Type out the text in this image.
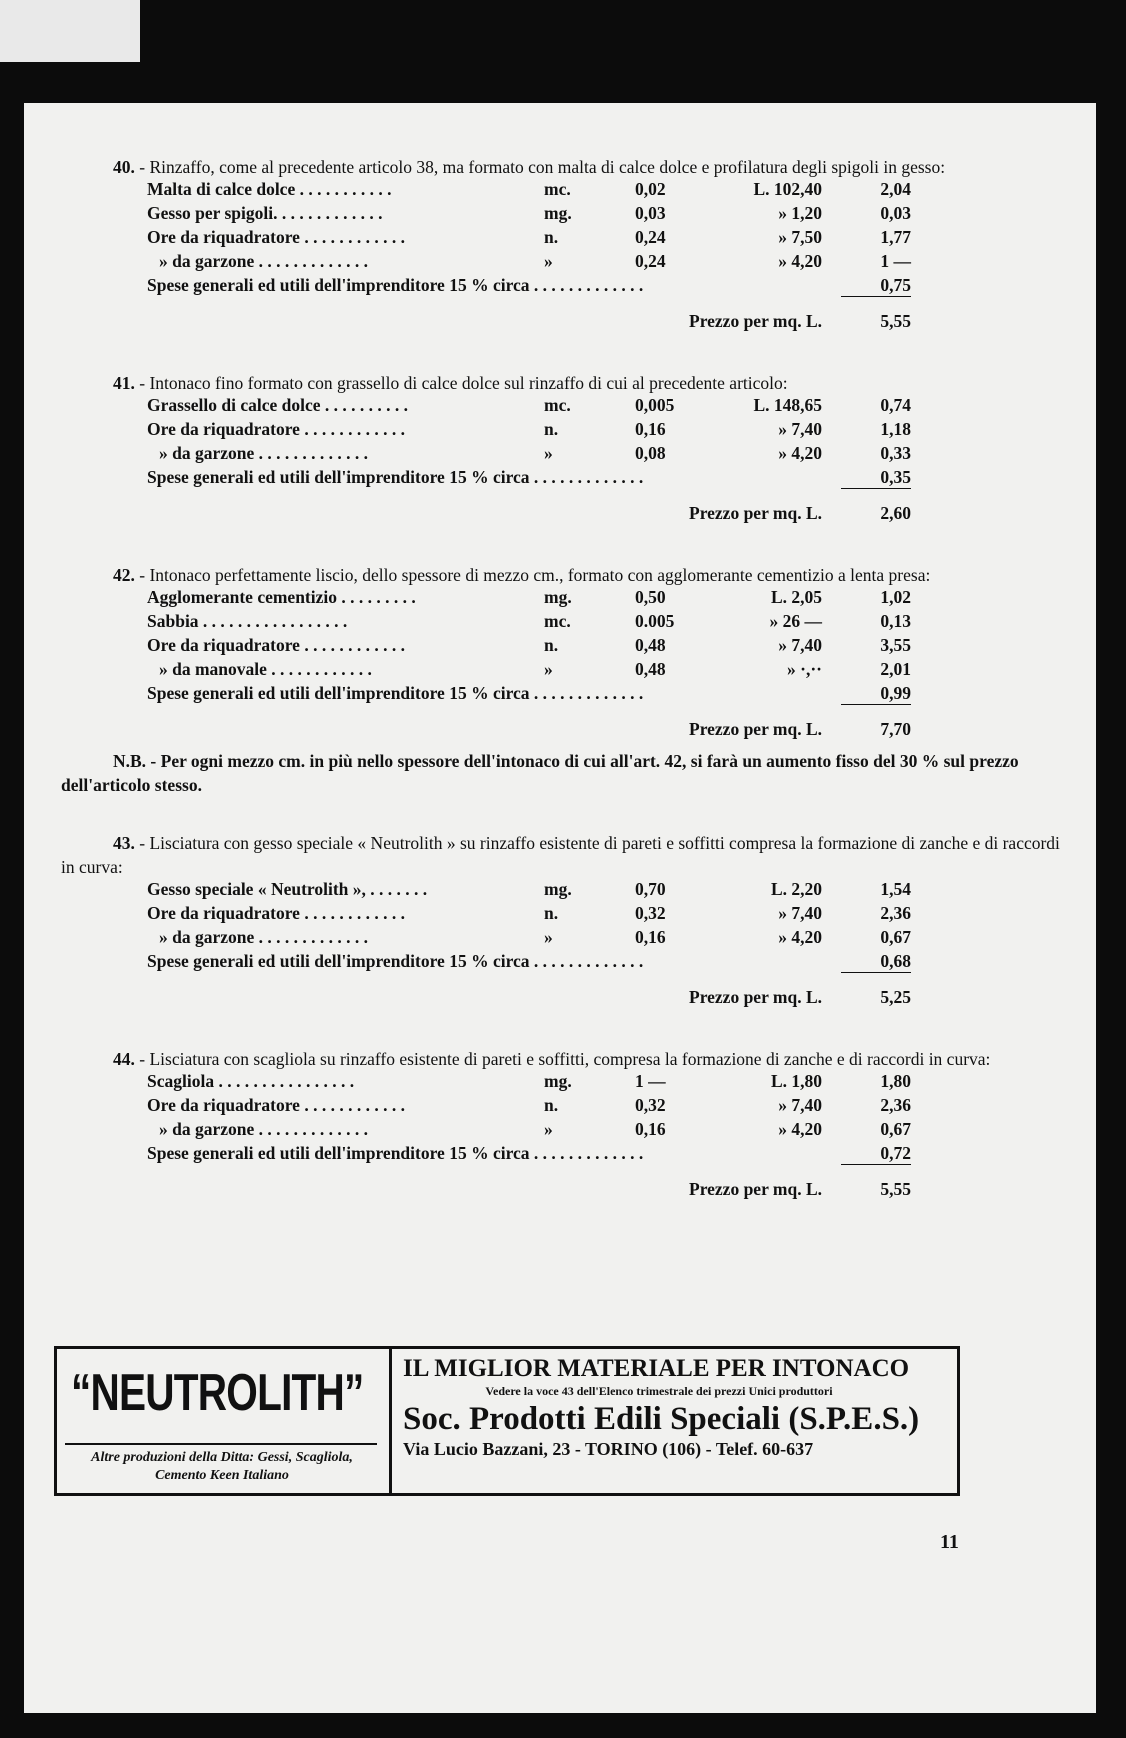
40. - Rinzaffo, come al precedente articolo 38, ma formato con malta di calce dolce e profilatura degli spigoli in gesso:

Malta di calce dolce . . . . . . . . . . .	mc.	0,02	L. 102,40	2,04
Gesso per spigoli. . . . . . . . . . . . .	mg.	0,03	» 1,20	0,03
Ore da riquadratore . . . . . . . . . . . .	n.	0,24	» 7,50	1,77
» da garzone . . . . . . . . . . . . .	»	0,24	» 4,20	1 —
Spese generali ed utili dell'imprenditore 15 % circa . . . . . . . . . . . . .	0,75
Prezzo per mq. L.	5,55

41. - Intonaco fino formato con grassello di calce dolce sul rinzaffo di cui al precedente articolo:

Grassello di calce dolce . . . . . . . . . .	mc.	0,005	L. 148,65	0,74
Ore da riquadratore . . . . . . . . . . . .	n.	0,16	» 7,40	1,18
» da garzone . . . . . . . . . . . . .	»	0,08	» 4,20	0,33
Spese generali ed utili dell'imprenditore 15 % circa . . . . . . . . . . . . .	0,35
Prezzo per mq. L.	2,60

42. - Intonaco perfettamente liscio, dello spessore di mezzo cm., formato con agglomerante cementizio a lenta presa:

Agglomerante cementizio . . . . . . . . .	mg.	0,50	L. 2,05	1,02
Sabbia . . . . . . . . . . . . . . . . .	mc.	0.005	» 26 —	0,13
Ore da riquadratore . . . . . . . . . . . .	n.	0,48	» 7,40	3,55
» da manovale . . . . . . . . . . . .	»	0,48	» ·,··	2,01
Spese generali ed utili dell'imprenditore 15 % circa . . . . . . . . . . . . .	0,99
Prezzo per mq. L.	7,70

N.B. - Per ogni mezzo cm. in più nello spessore dell'intonaco di cui all'art. 42, si farà un aumento fisso del 30 % sul prezzo dell'articolo stesso.

43. - Lisciatura con gesso speciale « Neutrolith » su rinzaffo esistente di pareti e soffitti compresa la formazione di zanche e di raccordi in curva:

Gesso speciale « Neutrolith », . . . . . . .	mg.	0,70	L. 2,20	1,54
Ore da riquadratore . . . . . . . . . . . .	n.	0,32	» 7,40	2,36
» da garzone . . . . . . . . . . . . .	»	0,16	» 4,20	0,67
Spese generali ed utili dell'imprenditore 15 % circa . . . . . . . . . . . . .	0,68
Prezzo per mq. L.	5,25

44. - Lisciatura con scagliola su rinzaffo esistente di pareti e soffitti, compresa la formazione di zanche e di raccordi in curva:

Scagliola . . . . . . . . . . . . . . . .	mg.	1 —	L. 1,80	1,80
Ore da riquadratore . . . . . . . . . . . .	n.	0,32	» 7,40	2,36
» da garzone . . . . . . . . . . . . .	»	0,16	» 4,20	0,67
Spese generali ed utili dell'imprenditore 15 % circa . . . . . . . . . . . . .	0,72
Prezzo per mq. L.	5,55
“NEUTROLITH”
Altre produzioni della Ditta: Gessi, Scagliola, Cemento Keen Italiano
IL MIGLIOR MATERIALE PER INTONACO
Vedere la voce 43 dell'Elenco trimestrale dei prezzi Unici produttori
Soc. Prodotti Edili Speciali (S.P.E.S.)
Via Lucio Bazzani, 23 - TORINO (106) - Telef. 60-637
11
